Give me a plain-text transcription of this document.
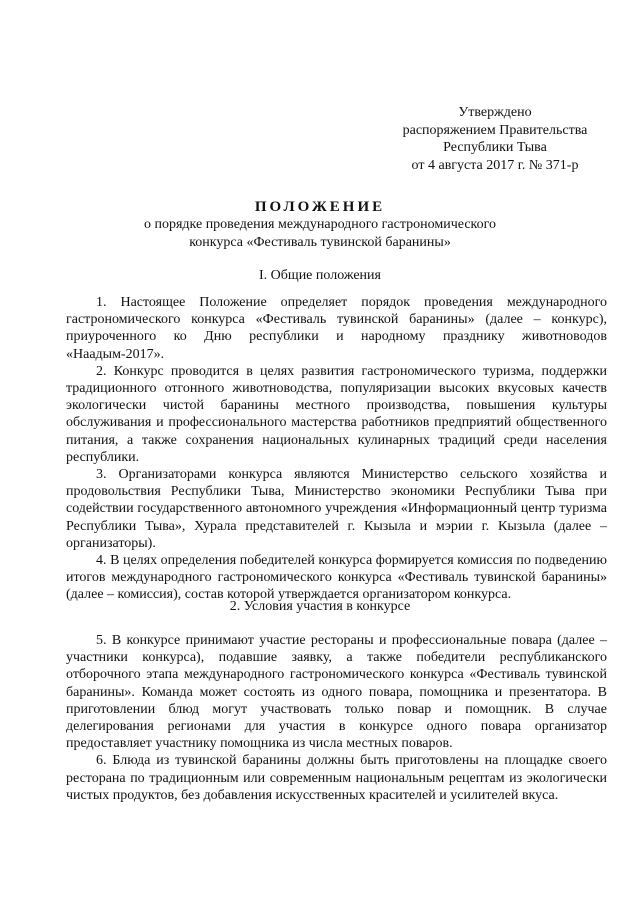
Утверждено
распоряжением Правительства
Республики Тыва
от 4 августа 2017 г. № 371-р
ПОЛОЖЕНИЕ
о порядке проведения международного гастрономического
конкурса «Фестиваль тувинской баранины»
I. Общие положения

1. Настоящее Положение определяет порядок проведения международного гастрономического конкурса «Фестиваль тувинской баранины» (далее – конкурс), приуроченного ко Дню республики и народному празднику животноводов «Наадым-2017».

2. Конкурс проводится в целях развития гастрономического туризма, поддержки традиционного отгонного животноводства, популяризации высоких вкусовых качеств экологически чистой баранины местного производства, повышения культуры обслуживания и профессионального мастерства работников предприятий общественного питания, а также сохранения национальных кулинарных традиций среди населения республики.

3. Организаторами конкурса являются Министерство сельского хозяйства и продовольствия Республики Тыва, Министерство экономики Республики Тыва при содействии государственного автономного учреждения «Информационный центр туризма Республики Тыва», Хурала представителей г. Кызыла и мэрии г. Кызыла (далее – организаторы).

4. В целях определения победителей конкурса формируется комиссия по подведению итогов международного гастрономического конкурса «Фестиваль тувинской баранины» (далее – комиссия), состав которой утверждается организатором конкурса.

2. Условия участия в конкурсе

5. В конкурсе принимают участие рестораны и профессиональные повара (далее – участники конкурса), подавшие заявку, а также победители республиканского отборочного этапа международного гастрономического конкурса «Фестиваль тувинской баранины». Команда может состоять из одного повара, помощника и презентатора. В приготовлении блюд могут участвовать только повар и помощник. В случае делегирования регионами для участия в конкурсе одного повара организатор предоставляет участнику помощника из числа местных поваров.

6. Блюда из тувинской баранины должны быть приготовлены на площадке своего ресторана по традиционным или современным национальным рецептам из экологически чистых продуктов, без добавления искусственных красителей и усилителей вкуса.
